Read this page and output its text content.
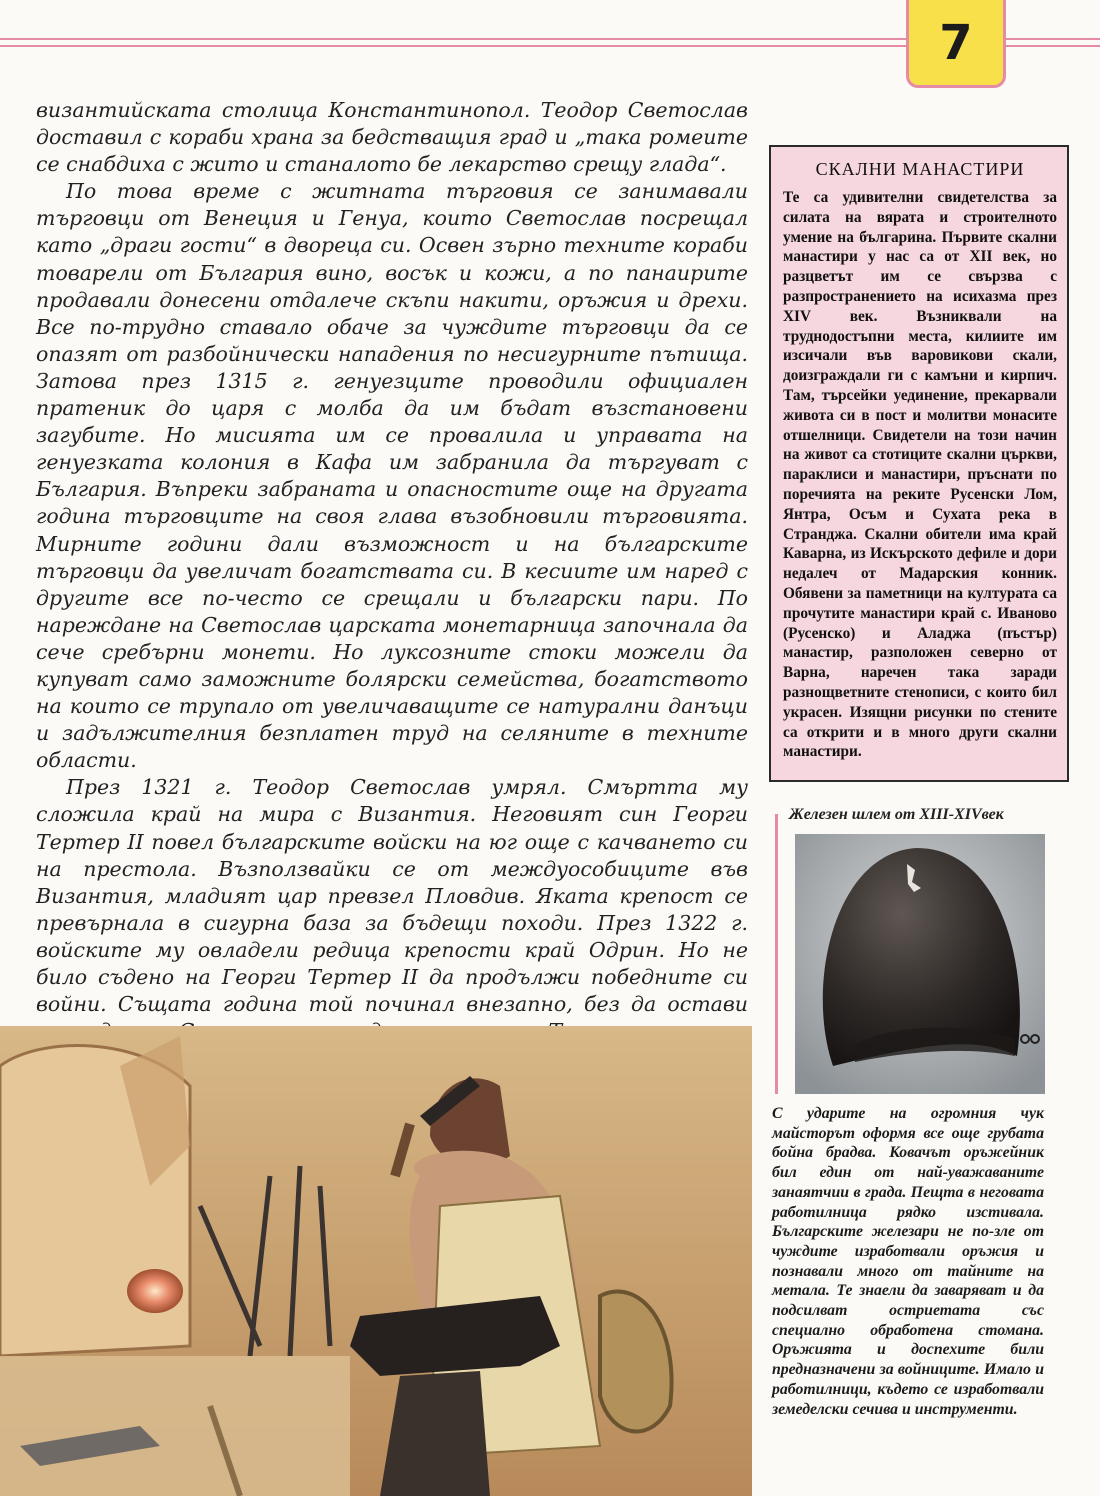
7

византийската столица Константинопол. Теодор Светослав доставил с кораби храна за бедстващия град и „така ромеите се снабдиха с жито и станалото бе лекарство срещу глада“.

По това време с житната търговия се занимавали търговци от Венеция и Генуа, които Светослав посрещал като „драги гости“ в двореца си. Освен зърно техните кораби товарели от България вино, восък и кожи, а по панаирите продавали донесени отдалече скъпи накити, оръжия и дрехи. Все по-трудно ставало обаче за чуждите търговци да се опазят от разбойнически нападения по несигурните пътища. Затова през 1315 г. генуезците проводили официален пратеник до царя с молба да им бъдат възстановени загубите. Но мисията им се провалила и управата на генуезката колония в Кафа им забранила да търгуват с България. Въпреки забраната и опасностите още на другата година търговците на своя глава възобновили търговията. Мирните години дали възможност и на българските търговци да увеличат богатствата си. В кесиите им наред с другите все по-често се срещали и български пари. По нареждане на Светослав царската монетарница започнала да сече сребърни монети. Но луксозните стоки можели да купуват само заможните болярски семейства, богатството на които се трупало от увеличаващите се натурални данъци и задължителния безплатен труд на селяните в техните области.

През 1321 г. Теодор Светослав умрял. Смъртта му сложила край на мира с Византия. Неговият син Георги Тертер II повел българските войски на юг още с качването си на престола. Възползвайки се от междуособиците във Византия, младият цар превзел Пловдив. Яката крепост се превърнала в сигурна база за бъдещи походи. През 1322 г. войските му овладели редица крепости край Одрин. Но не било съдено на Георги Тертер II да продължи победните си войни. Същата година той починал внезапно, без да остави

СКАЛНИ МАНАСТИРИ

Те са удивителни свидетелства за силата на вярата и строителното умение на българина. Първите скални манастири у нас са от XII век, но разцветът им се свързва с разпространението на исихазма през XIV век. Възниквали на труднодостъпни места, килиите им изсичали във варовикови скали, доизграждали ги с камъни и кирпич. Там, търсейки уединение, прекарвали живота си в пост и молитви монасите отшелници. Свидетели на този начин на живот са стотиците скални църкви, параклиси и манастири, пръснати по поречията на реките Русенски Лом, Янтра, Осъм и Сухата река в Странджа. Скални обители има край Каварна, из Искърското дефиле и дори недалеч от Мадарския конник. Обявени за паметници на културата са прочутите манастири край с. Иваново (Русенско) и Аладжа (пъстър) манастир, разположен северно от Варна, наречен така заради разнощветните стенописи, с които бил украсен. Изящни рисунки по стените са открити и в много други скални манастири.

Железен шлем от XIII-XIVвек
С ударите на огромния чук майсторът оформя все още грубата бойна брадва. Ковачът оръжейник бил един от най-уважаваните занаятчии в града. Пещта в неговата работилница рядко изстивала. Българските железари не по-зле от чуждите изработвали оръжия и познавали много от тайните на метала. Те знаели да заваряват и да подсилват остриетата със специално обработена стомана. Оръжията и доспехите били предназначени за войниците. Имало и работилници, където се изработвали земеделски сечива и инструменти.
